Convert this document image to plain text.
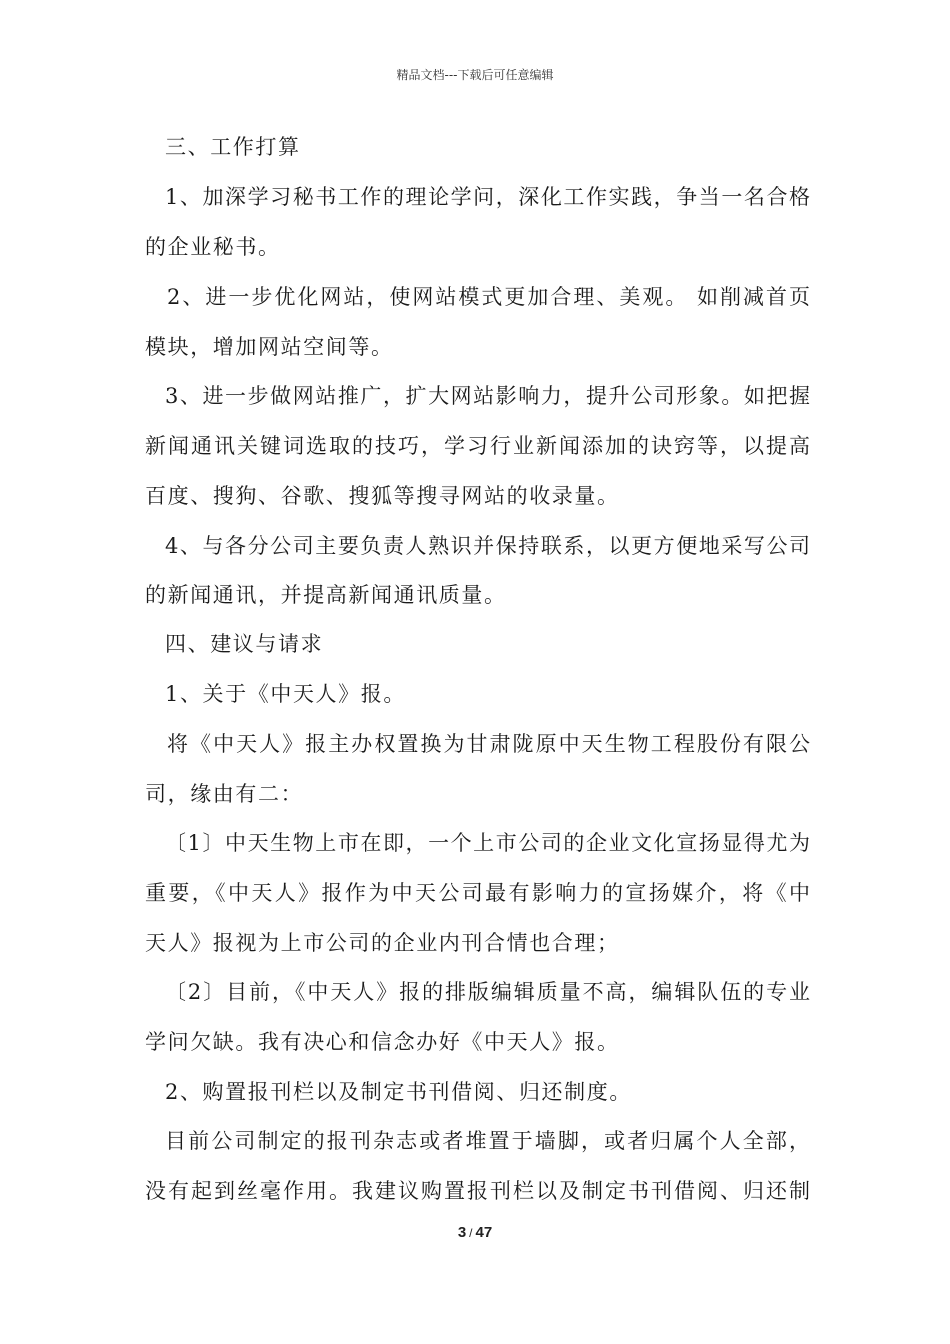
精品文档---下载后可任意编辑
三、工作打算
1、加深学习秘书工作的理论学问，深化工作实践，争当一名合格
的企业秘书。
2、进一步优化网站，使网站模式更加合理、美观。 如削减首页
模块，增加网站空间等。
3、进一步做网站推广，扩大网站影响力，提升公司形象。如把握
新闻通讯关键词选取的技巧，学习行业新闻添加的诀窍等，以提高
百度、搜狗、谷歌、搜狐等搜寻网站的收录量。
4、与各分公司主要负责人熟识并保持联系，以更方便地采写公司
的新闻通讯，并提高新闻通讯质量。
四、建议与请求
1、关于《中天人》报。
将《中天人》报主办权置换为甘肃陇原中天生物工程股份有限公
司，缘由有二：
〔1〕中天生物上市在即，一个上市公司的企业文化宣扬显得尤为
重要，《中天人》报作为中天公司最有影响力的宣扬媒介，将《中
天人》报视为上市公司的企业内刊合情也合理；
〔2〕目前，《中天人》报的排版编辑质量不高，编辑队伍的专业
学问欠缺。我有决心和信念办好《中天人》报。
2、购置报刊栏以及制定书刊借阅、归还制度。
目前公司制定的报刊杂志或者堆置于墙脚，或者归属个人全部，
没有起到丝毫作用。我建议购置报刊栏以及制定书刊借阅、归还制
3 / 47
